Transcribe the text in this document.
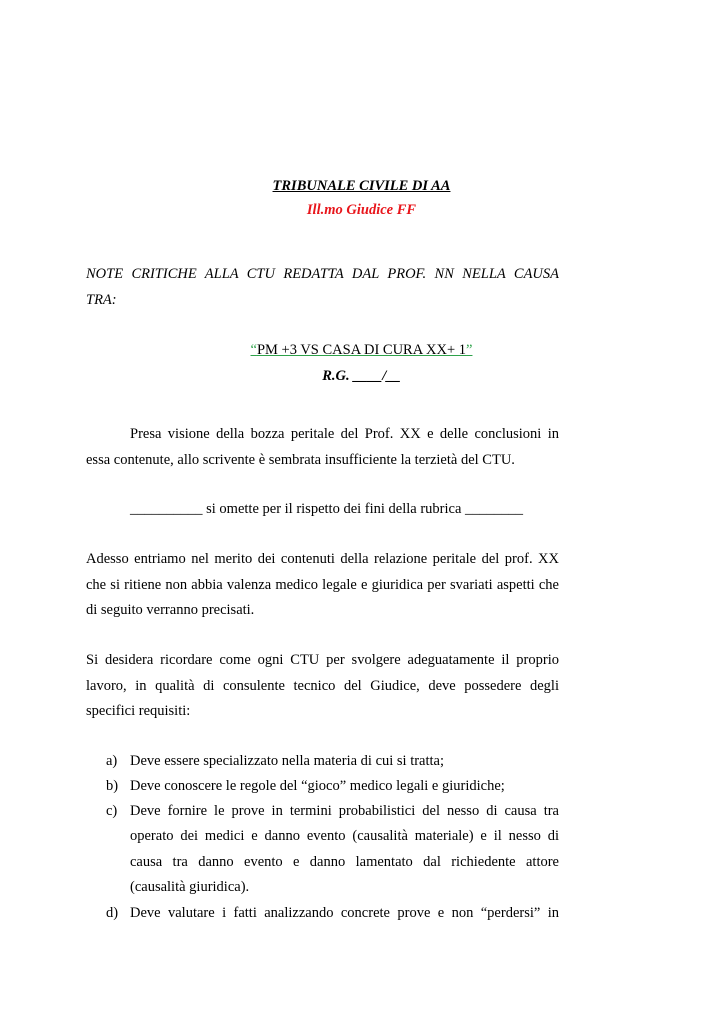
TRIBUNALE CIVILE DI AA
Ill.mo Giudice FF
NOTE CRITICHE ALLA CTU REDATTA DAL PROF. NN NELLA CAUSA
TRA:
“PM +3 VS CASA DI CURA XX+ 1”
R.G. ____/__
Presa visione della bozza peritale del Prof. XX e delle conclusioni in
essa contenute, allo scrivente è sembrata insufficiente la terzietà del CTU.
__________ si omette per il rispetto dei fini della rubrica ________
Adesso entriamo nel merito dei contenuti della relazione peritale del prof. XX
che si ritiene non abbia valenza medico legale e giuridica per svariati aspetti che
di seguito verranno precisati.
Si desidera ricordare come ogni CTU per svolgere adeguatamente il proprio
lavoro, in qualità di consulente tecnico del Giudice, deve possedere degli
specifici requisiti:
a) Deve essere specializzato nella materia di cui si tratta;
b) Deve conoscere le regole del “gioco” medico legali e giuridiche;
c) Deve fornire le prove in termini probabilistici del nesso di causa tra
operato dei medici e danno evento (causalità materiale) e il nesso di
causa tra danno evento e danno lamentato dal richiedente attore
(causalità giuridica).
d) Deve valutare i fatti analizzando concrete prove e non “perdersi” in
